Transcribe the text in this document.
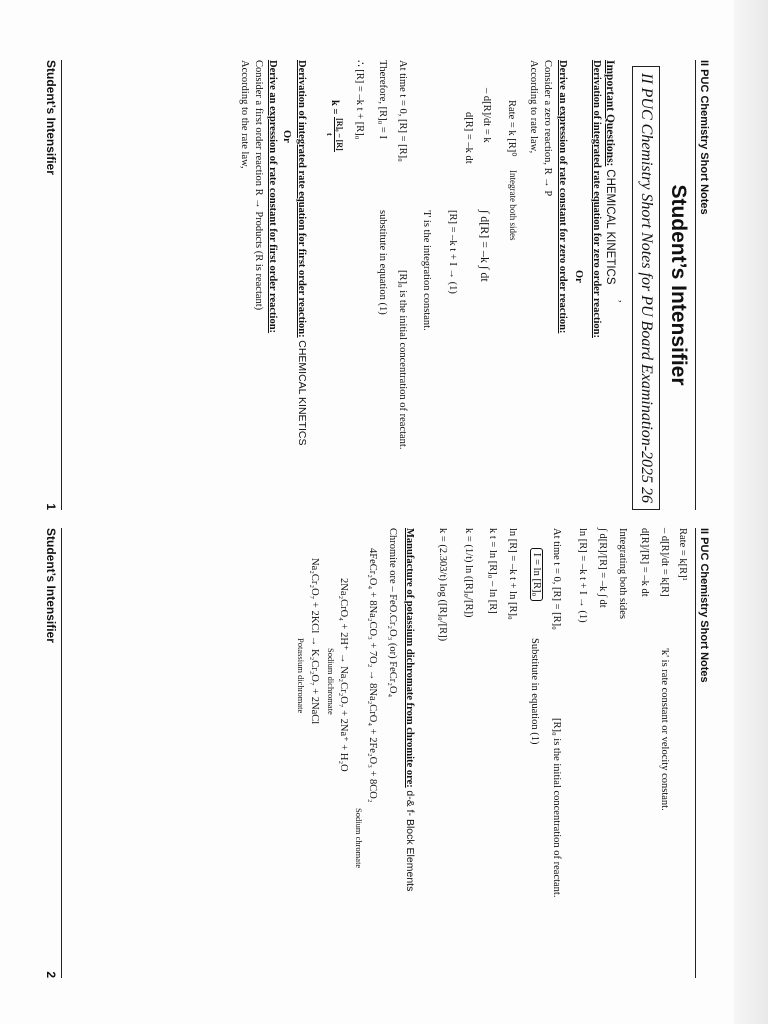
II PUC Chemistry Short Notes
Student’s Intensifier
II PUC Chemistry Short Notes for PU Board Examination-2025 26
,
Important Questions: CHEMICAL KINETICS
Derivation of integrated rate equation for zero order reaction:
Or
Derive an expression of rate constant for zero order reaction:
Consider a zero reaction, R → P
According to rate law,
Rate = k [R]⁰
Integrate both sides
– d[R]/dt = k
d[R] = –k dt
∫ d[R] = –k ∫ dt
[R] = –k t + I → (1)
'I' is the integration constant.
At time t = 0, [R] = [R]₀
[R]₀ is the initial concentration of reactant.
Therefore, [R]₀ = I
substitute in equation (1)
∴ [R] = –k t + [R]₀
k =
[R]₀ – [R]
t
Derivation of integrated rate equation for first order reaction: CHEMICAL KINETICS
Or
Derive an expression of rate constant for first order reaction:
Consider a first order reaction R → Products (R is reactant)
According to the rate law,
Student’s Intensifier
1
II PUC Chemistry Short Notes
Rate = k[R]¹
– d[R]/dt = k[R]
'k' is rate constant or velocity constant.
d[R]/[R] = –k dt
Integrating both sides
∫ d[R]/[R] = –k ∫ dt
ln [R] = –k t + I → (1)
At time t = 0, [R] = [R]₀
[R]₀ is the initial concentration of reactant.
I = ln [R]₀
Substitute in equation (1)
ln [R] = –k t + ln [R]₀
k t = ln [R]₀ – ln [R]
k = (1/t) ln ([R]₀/[R])
k = (2.303/t) log ([R]₀/[R])
Manufacture of potassium dichromate from chromite ore: d-& f- Block Elements
Chromite ore – FeO.Cr₂O₃ (or) FeCr₂O₄
4FeCr₂O₄ + 8Na₂CO₃ + 7O₂ → 8Na₂CrO₄ + 2Fe₂O₃ + 8CO₂
Sodium chromate
2Na₂CrO₄ + 2H⁺ → Na₂Cr₂O₇ + 2Na⁺ + H₂O
Sodium dichromate
Na₂Cr₂O₇ + 2KCl → K₂Cr₂O₇ + 2NaCl
Potassium dichromate
Student’s Intensifier
2
